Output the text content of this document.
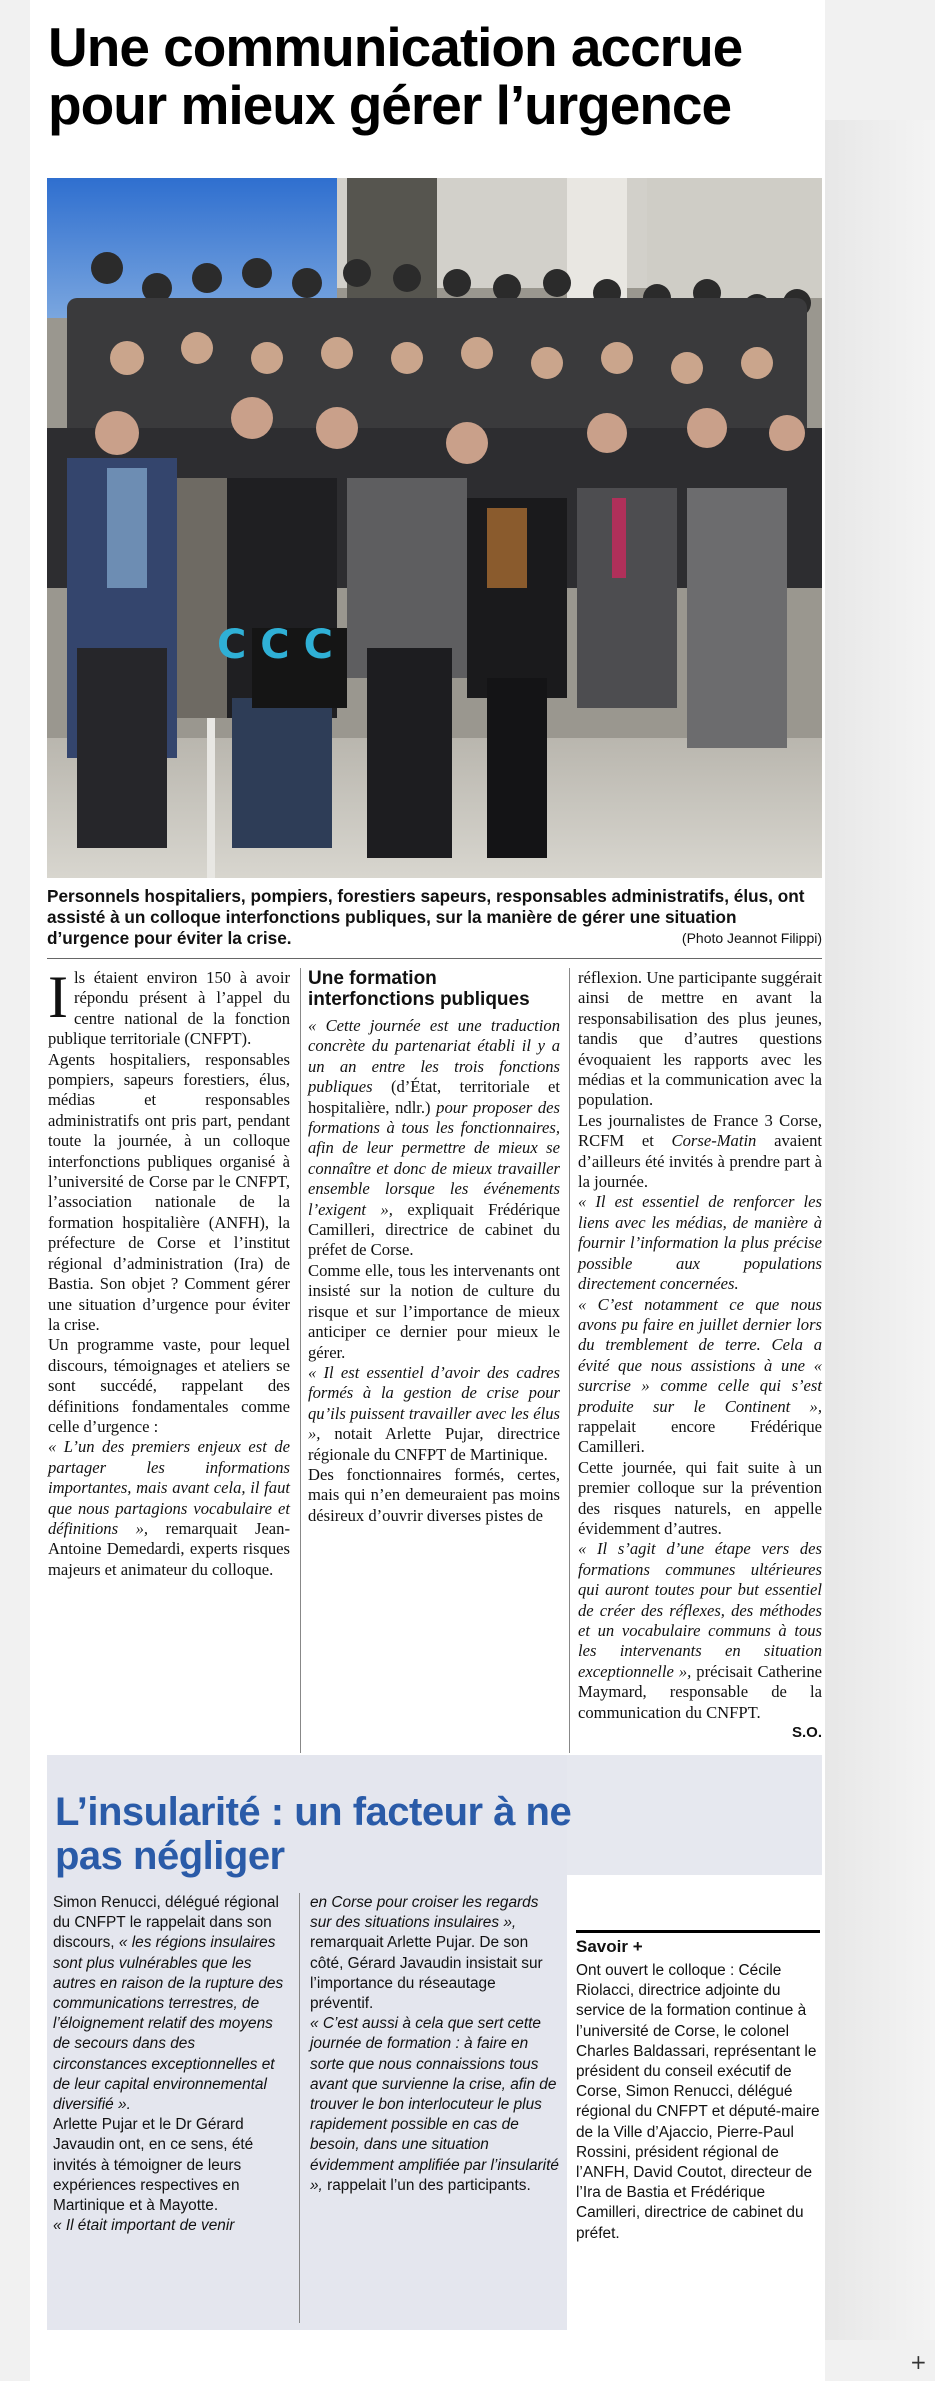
Une communication accrue
pour mieux gérer l’urgence
C C C
Personnels hospitaliers, pompiers, forestiers sapeurs, responsables administratifs, élus, ont assisté à un colloque interfonctions publiques, sur la manière de gérer une situation d’urgence pour éviter la crise.	(Photo Jeannot Filippi)

I ls étaient environ 150 à avoir répondu présent à l’appel du centre national de la fonction publique territoriale (CNFPT).

Agents hospitaliers, responsables pompiers, sapeurs forestiers, élus, médias et responsables administratifs ont pris part, pendant toute la journée, à un colloque interfonctions publiques organisé à l’université de Corse par le CNFPT, l’association nationale de la formation hospitalière (ANFH), la préfecture de Corse et l’institut régional d’administration (Ira) de Bastia. Son objet ? Comment gérer une situation d’urgence pour éviter la crise.

Un programme vaste, pour lequel discours, témoignages et ateliers se sont succédé, rappelant des définitions fondamentales comme celle d’urgence :

« L’un des premiers enjeux est de partager les informations importantes, mais avant cela, il faut que nous partagions vocabulaire et définitions », remarquait Jean-Antoine Demedardi, experts risques majeurs et animateur du colloque.

Une formation interfonctions publiques

« Cette journée est une traduction concrète du partenariat établi il y a un an entre les trois fonctions publiques (d’État, territoriale et hospitalière, ndlr.) pour proposer des formations à tous les fonctionnaires, afin de leur permettre de mieux se connaître et donc de mieux travailler ensemble lorsque les événements l’exigent », expliquait Frédérique Camilleri, directrice de cabinet du préfet de Corse.

Comme elle, tous les intervenants ont insisté sur la notion de culture du risque et sur l’importance de mieux anticiper ce dernier pour mieux le gérer.

« Il est essentiel d’avoir des cadres formés à la gestion de crise pour qu’ils puissent travailler avec les élus », notait Arlette Pujar, directrice régionale du CNFPT de Martinique.

Des fonctionnaires formés, certes, mais qui n’en demeuraient pas moins désireux d’ouvrir diverses pistes de

réflexion. Une participante suggérait ainsi de mettre en avant la responsabilisation des plus jeunes, tandis que d’autres questions évoquaient les rapports avec les médias et la communication avec la population.

Les journalistes de France 3 Corse, RCFM et Corse-Matin avaient d’ailleurs été invités à prendre part à la journée.

« Il est essentiel de renforcer les liens avec les médias, de manière à fournir l’information la plus précise possible aux populations directement concernées.

« C’est notamment ce que nous avons pu faire en juillet dernier lors du tremblement de terre. Cela a évité que nous assistions à une « surcrise » comme celle qui s’est produite sur le Continent », rappelait encore Frédérique Camilleri.

Cette journée, qui fait suite à un premier colloque sur la prévention des risques naturels, en appelle évidemment d’autres.

« Il s’agit d’une étape vers des formations communes ultérieures qui auront toutes pour but essentiel de créer des réflexes, des méthodes et un vocabulaire communs à tous les intervenants en situation exceptionnelle », précisait Catherine Maymard, responsable de la communication du CNFPT.

S.O.

L’insularité : un facteur à ne pas négliger

Simon Renucci, délégué régional du CNFPT le rappelait dans son discours, « les régions insulaires sont plus vulnérables que les autres en raison de la rupture des communications terrestres, de l’éloignement relatif des moyens de secours dans des circonstances exceptionnelles et de leur capital environnemental diversifié ».

Arlette Pujar et le Dr Gérard Javaudin ont, en ce sens, été invités à témoigner de leurs expériences respectives en Martinique et à Mayotte.

« Il était important de venir

en Corse pour croiser les regards sur des situations insulaires », remarquait Arlette Pujar. De son côté, Gérard Javaudin insistait sur l’importance du réseautage préventif.

« C’est aussi à cela que sert cette journée de formation : à faire en sorte que nous connaissions tous avant que survienne la crise, afin de trouver le bon interlocuteur le plus rapidement possible en cas de besoin, dans une situation évidemment amplifiée par l’insularité », rappelait l’un des participants.

Savoir +
Ont ouvert le colloque : Cécile Riolacci, directrice adjointe du service de la formation continue à l’université de Corse, le colonel Charles Baldassari, représentant le président du conseil exécutif de Corse, Simon Renucci, délégué régional du CNFPT et député-maire de la Ville d’Ajaccio, Pierre-Paul Rossini, président régional de l’ANFH, David Coutot, directeur de l’Ira de Bastia et Frédérique Camilleri, directrice de cabinet du préfet.
+
